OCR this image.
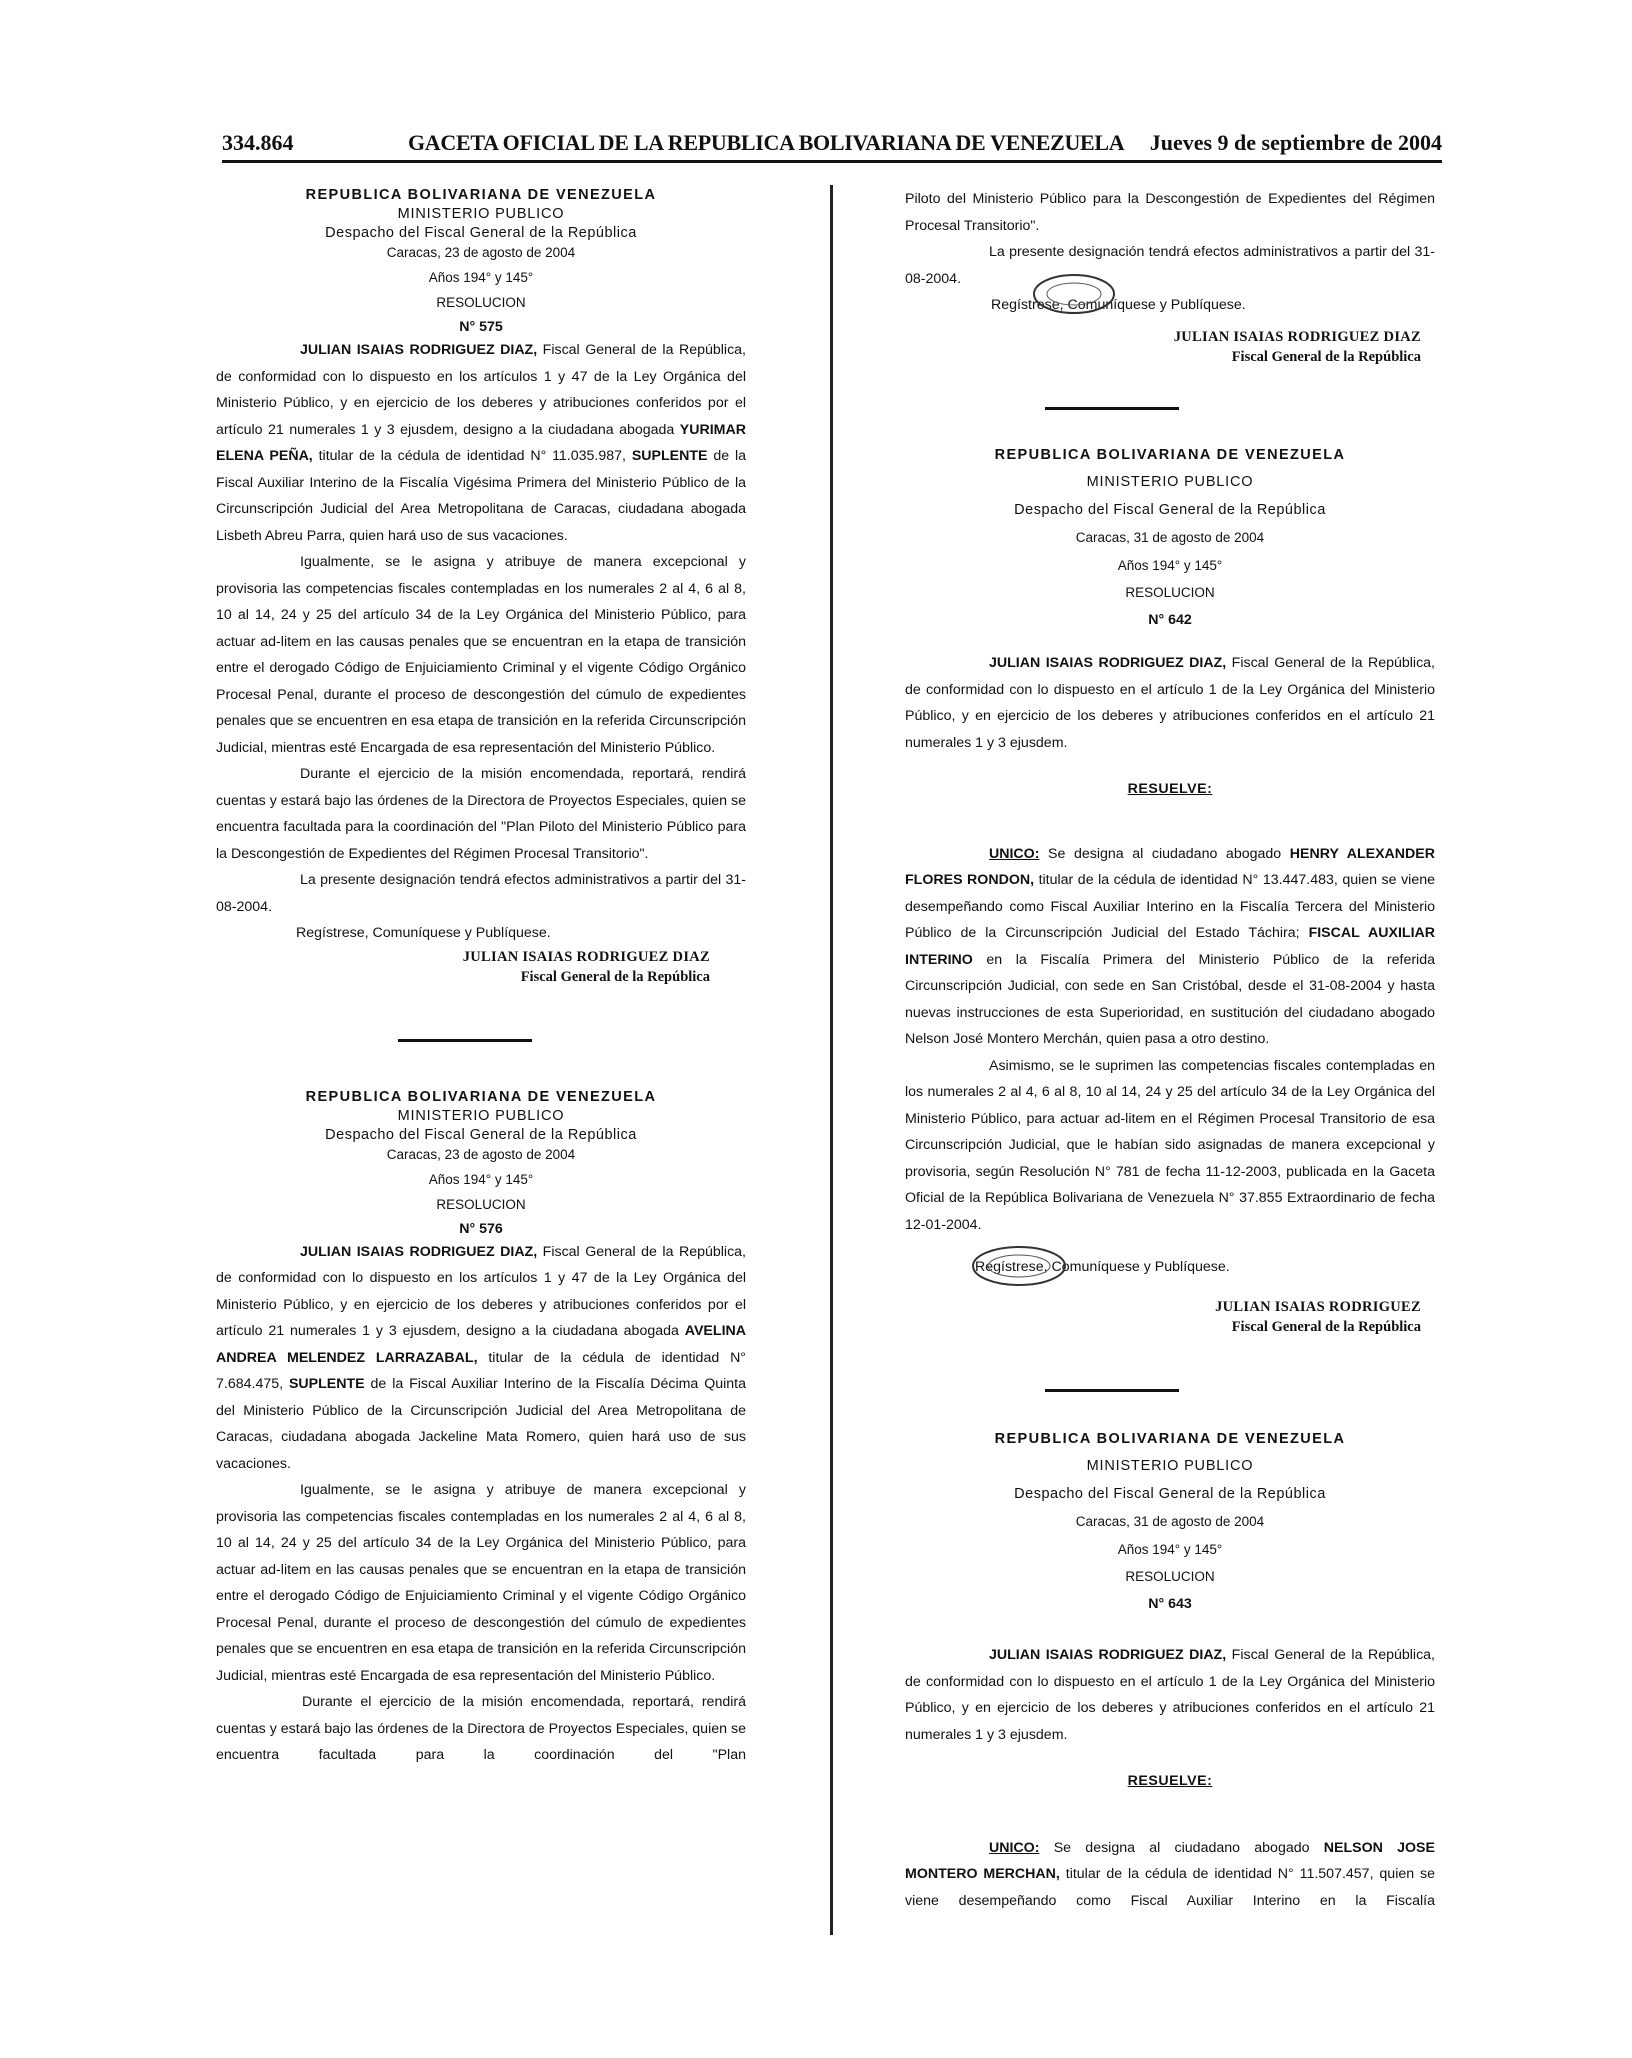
334.864	GACETA OFICIAL DE LA REPUBLICA BOLIVARIANA DE VENEZUELA Jueves 9 de septiembre de 2004
REPUBLICA BOLIVARIANA DE VENEZUELA
MINISTERIO PUBLICO
Despacho del Fiscal General de la República
Caracas, 23 de agosto de 2004
Años 194° y 145°
RESOLUCION
N° 575

JULIAN ISAIAS RODRIGUEZ DIAZ, Fiscal General de la República, de conformidad con lo dispuesto en los artículos 1 y 47 de la Ley Orgánica del Ministerio Público, y en ejercicio de los deberes y atribuciones conferidos por el artículo 21 numerales 1 y 3 ejusdem, designo a la ciudadana abogada YURIMAR ELENA PEÑA, titular de la cédula de identidad N° 11.035.987, SUPLENTE de la Fiscal Auxiliar Interino de la Fiscalía Vigésima Primera del Ministerio Público de la Circunscripción Judicial del Area Metropolitana de Caracas, ciudadana abogada Lisbeth Abreu Parra, quien hará uso de sus vacaciones.

Igualmente, se le asigna y atribuye de manera excepcional y provisoria las competencias fiscales contempladas en los numerales 2 al 4, 6 al 8, 10 al 14, 24 y 25 del artículo 34 de la Ley Orgánica del Ministerio Público, para actuar ad-litem en las causas penales que se encuentran en la etapa de transición entre el derogado Código de Enjuiciamiento Criminal y el vigente Código Orgánico Procesal Penal, durante el proceso de descongestión del cúmulo de expedientes penales que se encuentren en esa etapa de transición en la referida Circunscripción Judicial, mientras esté Encargada de esa representación del Ministerio Público.

Durante el ejercicio de la misión encomendada, reportará, rendirá cuentas y estará bajo las órdenes de la Directora de Proyectos Especiales, quien se encuentra facultada para la coordinación del "Plan Piloto del Ministerio Público para la Descongestión de Expedientes del Régimen Procesal Transitorio".

La presente designación tendrá efectos administrativos a partir del 31-08-2004.

Regístrese, Comuníquese y Publíquese.
JULIAN ISAIAS RODRIGUEZ DIAZ
Fiscal General de la República
REPUBLICA BOLIVARIANA DE VENEZUELA
MINISTERIO PUBLICO
Despacho del Fiscal General de la República
Caracas, 23 de agosto de 2004
Años 194° y 145°
RESOLUCION
N° 576

JULIAN ISAIAS RODRIGUEZ DIAZ, Fiscal General de la República, de conformidad con lo dispuesto en los artículos 1 y 47 de la Ley Orgánica del Ministerio Público, y en ejercicio de los deberes y atribuciones conferidos por el artículo 21 numerales 1 y 3 ejusdem, designo a la ciudadana abogada AVELINA ANDREA MELENDEZ LARRAZABAL, titular de la cédula de identidad N° 7.684.475, SUPLENTE de la Fiscal Auxiliar Interino de la Fiscalía Décima Quinta del Ministerio Público de la Circunscripción Judicial del Area Metropolitana de Caracas, ciudadana abogada Jackeline Mata Romero, quien hará uso de sus vacaciones.

Igualmente, se le asigna y atribuye de manera excepcional y provisoria las competencias fiscales contempladas en los numerales 2 al 4, 6 al 8, 10 al 14, 24 y 25 del artículo 34 de la Ley Orgánica del Ministerio Público, para actuar ad-litem en las causas penales que se encuentran en la etapa de transición entre el derogado Código de Enjuiciamiento Criminal y el vigente Código Orgánico Procesal Penal, durante el proceso de descongestión del cúmulo de expedientes penales que se encuentren en esa etapa de transición en la referida Circunscripción Judicial, mientras esté Encargada de esa representación del Ministerio Público.

Durante el ejercicio de la misión encomendada, reportará, rendirá cuentas y estará bajo las órdenes de la Directora de Proyectos Especiales, quien se encuentra facultada para la coordinación del "Plan

Piloto del Ministerio Público para la Descongestión de Expedientes del Régimen Procesal Transitorio".

La presente designación tendrá efectos administrativos a partir del 31-08-2004.

Regístrese, Comuníquese y Publíquese.
JULIAN ISAIAS RODRIGUEZ DIAZ
Fiscal General de la República
REPUBLICA BOLIVARIANA DE VENEZUELA
MINISTERIO PUBLICO
Despacho del Fiscal General de la República
Caracas, 31 de agosto de 2004
Años 194° y 145°
RESOLUCION
N° 642

JULIAN ISAIAS RODRIGUEZ DIAZ, Fiscal General de la República, de conformidad con lo dispuesto en el artículo 1 de la Ley Orgánica del Ministerio Público, y en ejercicio de los deberes y atribuciones conferidos en el artículo 21 numerales 1 y 3 ejusdem.

RESUELVE:

UNICO: Se designa al ciudadano abogado HENRY ALEXANDER FLORES RONDON, titular de la cédula de identidad N° 13.447.483, quien se viene desempeñando como Fiscal Auxiliar Interino en la Fiscalía Tercera del Ministerio Público de la Circunscripción Judicial del Estado Táchira; FISCAL AUXILIAR INTERINO en la Fiscalía Primera del Ministerio Público de la referida Circunscripción Judicial, con sede en San Cristóbal, desde el 31-08-2004 y hasta nuevas instrucciones de esta Superioridad, en sustitución del ciudadano abogado Nelson José Montero Merchán, quien pasa a otro destino.

Asimismo, se le suprimen las competencias fiscales contempladas en los numerales 2 al 4, 6 al 8, 10 al 14, 24 y 25 del artículo 34 de la Ley Orgánica del Ministerio Público, para actuar ad-litem en el Régimen Procesal Transitorio de esa Circunscripción Judicial, que le habían sido asignadas de manera excepcional y provisoria, según Resolución N° 781 de fecha 11-12-2003, publicada en la Gaceta Oficial de la República Bolivariana de Venezuela N° 37.855 Extraordinario de fecha 12-01-2004.

Regístrese, Comuníquese y Publíquese.
JULIAN ISAIAS RODRIGUEZ
Fiscal General de la República
REPUBLICA BOLIVARIANA DE VENEZUELA
MINISTERIO PUBLICO
Despacho del Fiscal General de la República
Caracas, 31 de agosto de 2004
Años 194° y 145°
RESOLUCION
N° 643

JULIAN ISAIAS RODRIGUEZ DIAZ, Fiscal General de la República, de conformidad con lo dispuesto en el artículo 1 de la Ley Orgánica del Ministerio Público, y en ejercicio de los deberes y atribuciones conferidos en el artículo 21 numerales 1 y 3 ejusdem.

RESUELVE:

UNICO: Se designa al ciudadano abogado NELSON JOSE MONTERO MERCHAN, titular de la cédula de identidad N° 11.507.457, quien se viene desempeñando como Fiscal Auxiliar Interino en la Fiscalía
